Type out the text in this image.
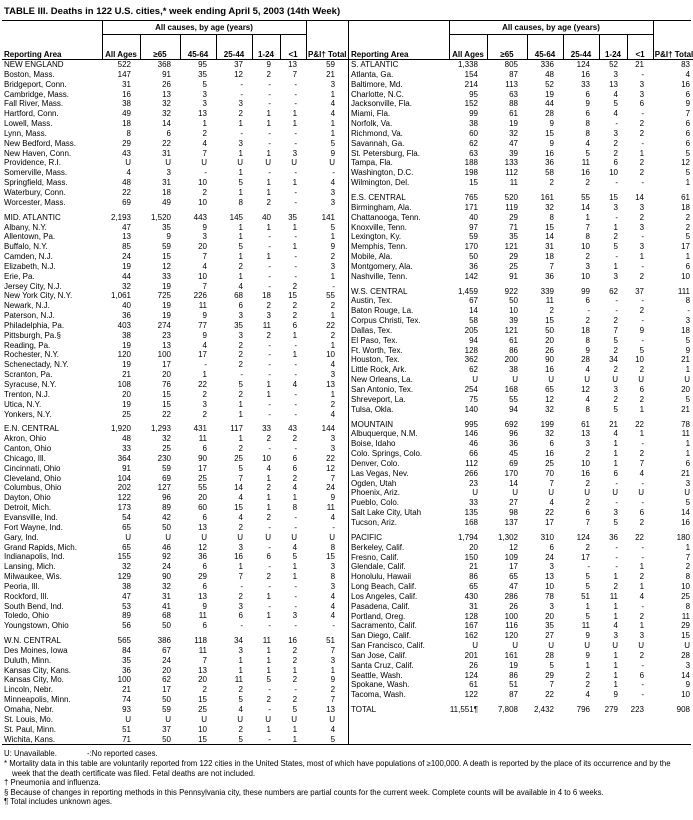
TABLE III. Deaths in 122 U.S. cities,* week ending April 5, 2003 (14th Week)
	All causes, by age (years)						
Reporting Area	All Ages	≥65	45-64	25-44	1-24	<1	P&I† Total
NEW ENGLAND	522	368	95	37	9	13	59
Boston, Mass.	147	91	35	12	2	7	21
Bridgeport, Conn.	31	26	5	-	-	-	3
Cambridge, Mass.	16	13	3	-	-	-	1
Fall River, Mass.	38	32	3	3	-	-	4
Hartford, Conn.	49	32	13	2	1	1	4
Lowell, Mass.	18	14	1	1	1	1	1
Lynn, Mass.	8	6	2	-	-	-	1
New Bedford, Mass.	29	22	4	3	-	-	5
New Haven, Conn.	43	31	7	1	1	3	9
Providence, R.I.	U	U	U	U	U	U	U
Somerville, Mass.	4	3	-	1	-	-	-
Springfield, Mass.	48	31	10	5	1	1	4
Waterbury, Conn.	22	18	2	1	1	-	3
Worcester, Mass.	69	49	10	8	2	-	3
MID. ATLANTIC	2,193	1,520	443	145	40	35	141
Albany, N.Y.	47	35	9	1	1	1	5
Allentown, Pa.	13	9	3	1	-	-	1
Buffalo, N.Y.	85	59	20	5	-	1	9
Camden, N.J.	24	15	7	1	1	-	2
Elizabeth, N.J.	19	12	4	2	-	-	3
Erie, Pa.	44	33	10	1	-	-	1
Jersey City, N.J.	32	19	7	4	-	2	-
New York City, N.Y.	1,061	725	226	68	18	15	55
Newark, N.J.	40	19	11	6	2	2	2
Paterson, N.J.	36	19	9	3	3	2	1
Philadelphia, Pa.	403	274	77	35	11	6	22
Pittsburgh, Pa.§	38	23	9	3	2	1	2
Reading, Pa.	19	13	4	2	-	-	1
Rochester, N.Y.	120	100	17	2	-	1	10
Schenectady, N.Y.	19	17	-	2	-	-	4
Scranton, Pa.	21	20	1	-	-	-	3
Syracuse, N.Y.	108	76	22	5	1	4	13
Trenton, N.J.	20	15	2	2	1	-	1
Utica, N.Y.	19	15	3	1	-	-	2
Yonkers, N.Y.	25	22	2	1	-	-	4
E.N. CENTRAL	1,920	1,293	431	117	33	43	144
Akron, Ohio	48	32	11	1	2	2	3
Canton, Ohio	33	25	6	2	-	-	3
Chicago, Ill.	364	230	90	25	10	6	22
Cincinnati, Ohio	91	59	17	5	4	6	12
Cleveland, Ohio	104	69	25	7	1	2	7
Columbus, Ohio	202	127	55	14	2	4	24
Dayton, Ohio	122	96	20	4	1	1	9
Detroit, Mich.	173	89	60	15	1	8	11
Evansville, Ind.	54	42	6	4	2	-	4
Fort Wayne, Ind.	65	50	13	2	-	-	-
Gary, Ind.	U	U	U	U	U	U	U
Grand Rapids, Mich.	65	46	12	3	-	4	8
Indianapolis, Ind.	155	92	36	16	6	5	15
Lansing, Mich.	32	24	6	1	-	1	3
Milwaukee, Wis.	129	90	29	7	2	1	8
Peoria, Ill.	38	32	6	-	-	-	3
Rockford, Ill.	47	31	13	2	1	-	4
South Bend, Ind.	53	41	9	3	-	-	4
Toledo, Ohio	89	68	11	6	1	3	4
Youngstown, Ohio	56	50	6	-	-	-	-
W.N. CENTRAL	565	386	118	34	11	16	51
Des Moines, Iowa	84	67	11	3	1	2	7
Duluth, Minn.	35	24	7	1	1	2	3
Kansas City, Kans.	36	20	13	1	1	1	1
Kansas City, Mo.	100	62	20	11	5	2	9
Lincoln, Nebr.	21	17	2	2	-	-	2
Minneapolis, Minn.	74	50	15	5	2	2	7
Omaha, Nebr.	93	59	25	4	-	5	13
St. Louis, Mo.	U	U	U	U	U	U	U
St. Paul, Minn.	51	37	10	2	1	1	4
Wichita, Kans.	71	50	15	5	-	1	5
	All causes, by age (years)						
Reporting Area	All Ages	≥65	45-64	25-44	1-24	<1	P&I† Total
S. ATLANTIC	1,338	805	336	124	52	21	83
Atlanta, Ga.	154	87	48	16	3	-	4
Baltimore, Md.	214	113	52	33	13	3	16
Charlotte, N.C.	95	63	19	6	4	3	6
Jacksonville, Fla.	152	88	44	9	5	6	9
Miami, Fla.	99	61	28	6	4	-	7
Norfolk, Va.	38	19	9	8	-	2	6
Richmond, Va.	60	32	15	8	3	2	6
Savannah, Ga.	62	47	9	4	2	-	6
St. Petersburg, Fla.	63	39	16	5	2	1	5
Tampa, Fla.	188	133	36	11	6	2	12
Washington, D.C.	198	112	58	16	10	2	5
Wilmington, Del.	15	11	2	2	-	-	1
E.S. CENTRAL	765	520	161	55	15	14	61
Birmingham, Ala.	171	119	32	14	3	3	18
Chattanooga, Tenn.	40	29	8	1	-	2	2
Knoxville, Tenn.	97	71	15	7	1	3	2
Lexington, Ky.	59	35	14	8	2	-	5
Memphis, Tenn.	170	121	31	10	5	3	17
Mobile, Ala.	50	29	18	2	-	1	1
Montgomery, Ala.	36	25	7	3	1	-	6
Nashville, Tenn.	142	91	36	10	3	2	10
W.S. CENTRAL	1,459	922	339	99	62	37	111
Austin, Tex.	67	50	11	6	-	-	8
Baton Rouge, La.	14	10	2	-	-	2	-
Corpus Christi, Tex.	58	39	15	2	2	-	3
Dallas, Tex.	205	121	50	18	7	9	18
El Paso, Tex.	94	61	20	8	5	-	5
Ft. Worth, Tex.	128	86	26	9	2	5	9
Houston, Tex.	362	200	90	28	34	10	21
Little Rock, Ark.	62	38	16	4	2	2	1
New Orleans, La.	U	U	U	U	U	U	U
San Antonio, Tex.	254	168	65	12	3	6	20
Shreveport, La.	75	55	12	4	2	2	5
Tulsa, Okla.	140	94	32	8	5	1	21
MOUNTAIN	995	692	199	61	21	22	78
Albuquerque, N.M.	146	96	32	13	4	1	11
Boise, Idaho	46	36	6	3	1	-	1
Colo. Springs, Colo.	66	45	16	2	1	2	1
Denver, Colo.	112	69	25	10	1	7	6
Las Vegas, Nev.	266	170	70	16	6	4	21
Ogden, Utah	23	14	7	2	-	-	3
Phoenix, Ariz.	U	U	U	U	U	U	U
Pueblo, Colo.	33	27	4	2	-	-	5
Salt Lake City, Utah	135	98	22	6	3	6	14
Tucson, Ariz.	168	137	17	7	5	2	16
PACIFIC	1,794	1,302	310	124	36	22	180
Berkeley, Calif.	20	12	6	2	-	-	1
Fresno, Calif.	150	109	24	17	-	-	7
Glendale, Calif.	21	17	3	-	-	1	2
Honolulu, Hawaii	86	65	13	5	1	2	8
Long Beach, Calif.	65	47	10	5	2	1	10
Los Angeles, Calif.	430	286	78	51	11	4	25
Pasadena, Calif.	31	26	3	1	1	-	8
Portland, Oreg.	128	100	20	5	1	2	11
Sacramento, Calif.	167	116	35	11	4	1	29
San Diego, Calif.	162	120	27	9	3	3	15
San Francisco, Calif.	U	U	U	U	U	U	U
San Jose, Calif.	201	161	28	9	1	2	28
Santa Cruz, Calif.	26	19	5	1	1	-	3
Seattle, Wash.	124	86	29	2	1	6	14
Spokane, Wash.	61	51	7	2	1	-	9
Tacoma, Wash.	122	87	22	4	9	-	10
TOTAL	11,551¶	7,808	2,432	796	279	223	908
U: Unavailable.	-:No reported cases.
* Mortality data in this table are voluntarily reported from 122 cities in the United States, most of which have populations of ≥100,000. A death is reported by the place of its occurrence and by the week that the death certificate was filed. Fetal deaths are not included.
† Pneumonia and influenza.
§ Because of changes in reporting methods in this Pennsylvania city, these numbers are partial counts for the current week. Complete counts will be available in 4 to 6 weeks.
¶ Total includes unknown ages.
